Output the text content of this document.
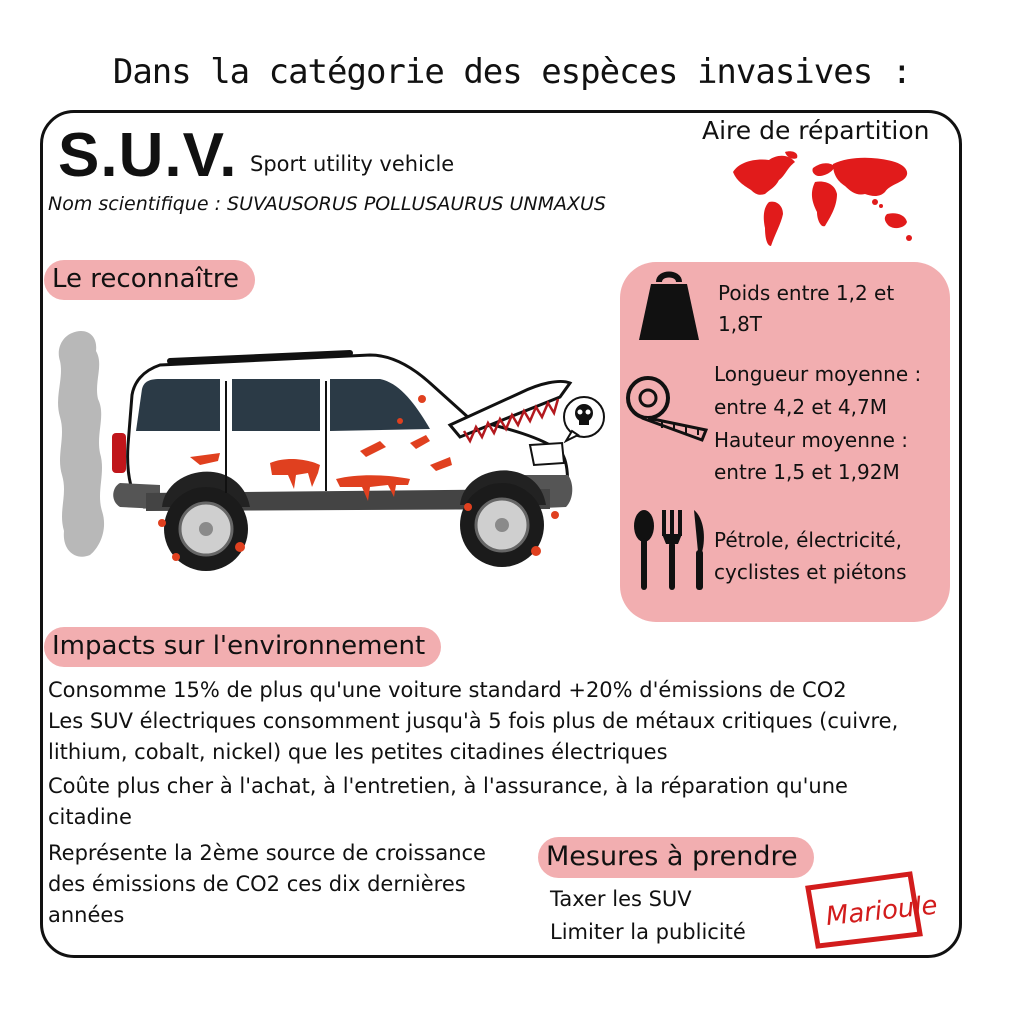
Dans la catégorie des espèces invasives :
S.U.V. Sport utility vehicle
Nom scientifique : SUVAUSORUS POLLUSAURUS UNMAXUS
Aire de répartition
Le reconnaître	Poids entre 1,2 et
1,8T
Longueur moyenne :
entre 4,2 et 4,7M
Hauteur moyenne :
entre 1,5 et 1,92M
Pétrole, électricité,
cyclistes et piétons
Impacts sur l'environnement
Consomme 15% de plus qu'une voiture standard +20% d'émissions de CO2
Les SUV électriques consomment jusqu'à 5 fois plus de métaux critiques (cuivre,
lithium, cobalt, nickel) que les petites citadines électriques
Coûte plus cher à l'achat, à l'entretien, à l'assurance, à la réparation qu'une
citadine
Représente la 2ème source de croissance
des émissions de CO2 ces dix dernières
années
Mesures à prendre
Taxer les SUV
Limiter la publicité	Marioule
